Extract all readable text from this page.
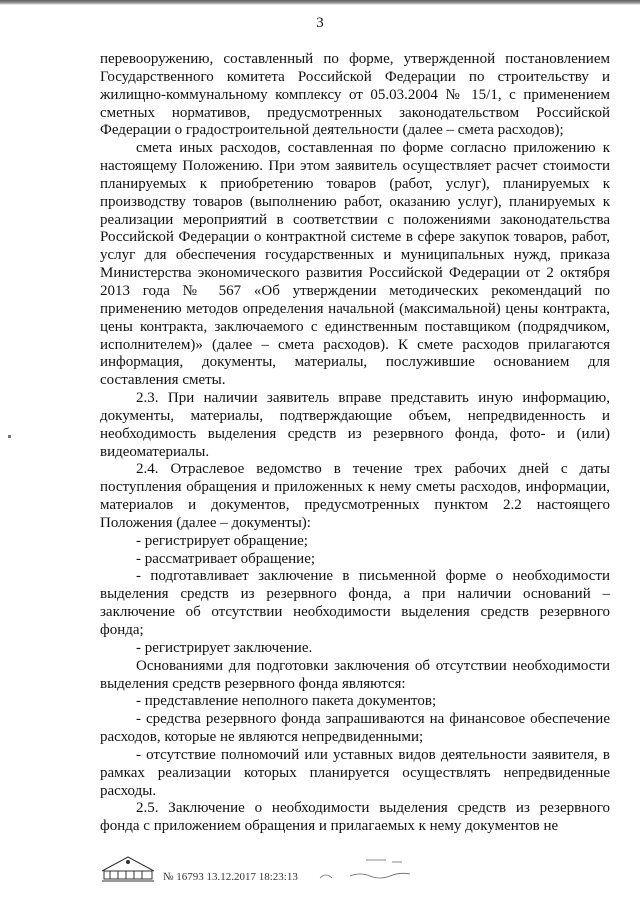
3

перевооружению, составленный по форме, утвержденной постановлением Государственного комитета Российской Федерации по строительству и жилищно-коммунальному комплексу от 05.03.2004 № 15/1, с применением сметных нормативов, предусмотренных законодательством Российской Федерации о градостроительной деятельности (далее – смета расходов);

смета иных расходов, составленная по форме согласно приложению к настоящему Положению. При этом заявитель осуществляет расчет стоимости планируемых к приобретению товаров (работ, услуг), планируемых к производству товаров (выполнению работ, оказанию услуг), планируемых к реализации мероприятий в соответствии с положениями законодательства Российской Федерации о контрактной системе в сфере закупок товаров, работ, услуг для обеспечения государственных и муниципальных нужд, приказа Министерства экономического развития Российской Федерации от 2 октября 2013 года № 567 «Об утверждении методических рекомендаций по применению методов определения начальной (максимальной) цены контракта, цены контракта, заключаемого с единственным поставщиком (подрядчиком, исполнителем)» (далее – смета расходов). К смете расходов прилагаются информация, документы, материалы, послужившие основанием для составления сметы.

2.3. При наличии заявитель вправе представить иную информацию, документы, материалы, подтверждающие объем, непредвиденность и необходимость выделения средств из резервного фонда, фото- и (или) видеоматериалы.

2.4. Отраслевое ведомство в течение трех рабочих дней с даты поступления обращения и приложенных к нему сметы расходов, информации, материалов и документов, предусмотренных пунктом 2.2 настоящего Положения (далее – документы):

- регистрирует обращение;

- рассматривает обращение;

- подготавливает заключение в письменной форме о необходимости выделения средств из резервного фонда, а при наличии оснований – заключение об отсутствии необходимости выделения средств резервного фонда;

- регистрирует заключение.

Основаниями для подготовки заключения об отсутствии необходимости выделения средств резервного фонда являются:

- представление неполного пакета документов;

- средства резервного фонда запрашиваются на финансовое обеспечение расходов, которые не являются непредвиденными;

- отсутствие полномочий или уставных видов деятельности заявителя, в рамках реализации которых планируется осуществлять непредвиденные расходы.

2.5. Заключение о необходимости выделения средств из резервного фонда с приложением обращения и прилагаемых к нему документов не

№ 16793 13.12.2017 18:23:13
